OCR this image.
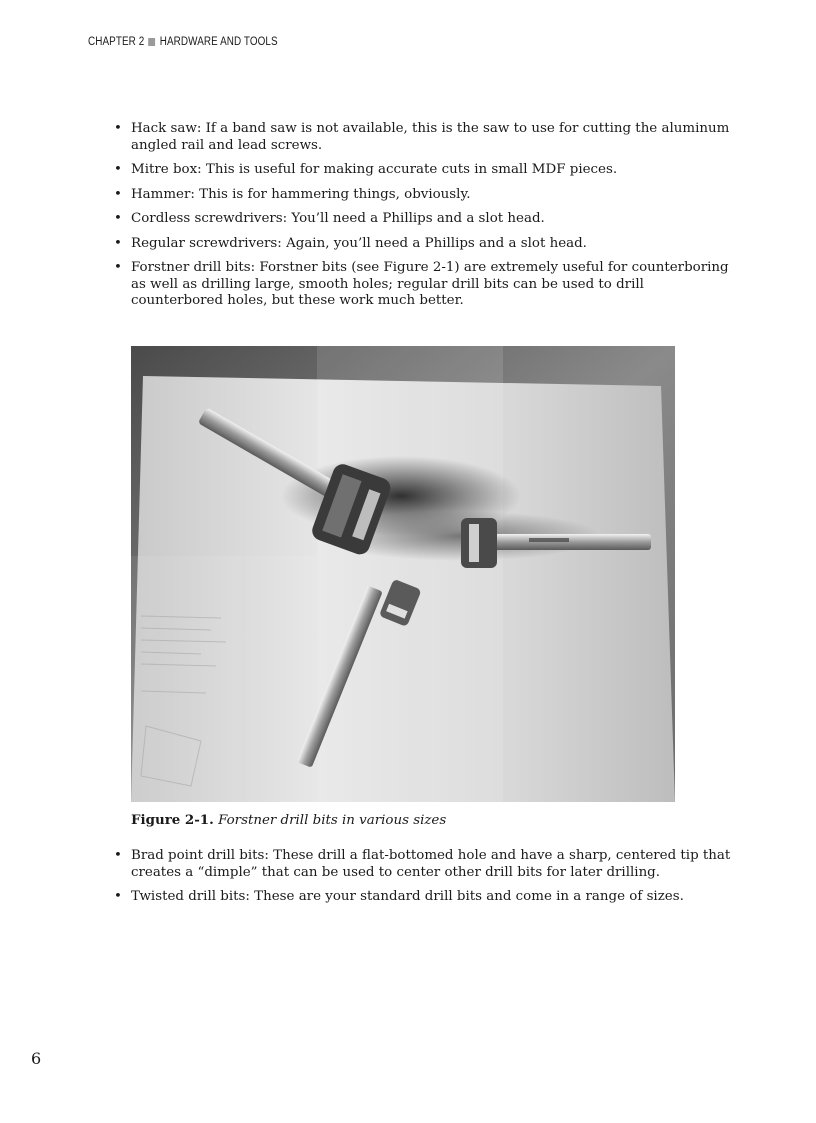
CHAPTER 2 HARDWARE AND TOOLS
• Hack saw: If a band saw is not available, this is the saw to use for cutting the aluminum angled rail and lead screws.
• Mitre box: This is useful for making accurate cuts in small MDF pieces.
• Hammer: This is for hammering things, obviously.
• Cordless screwdrivers: You’ll need a Phillips and a slot head.
• Regular screwdrivers: Again, you’ll need a Phillips and a slot head.
• Forstner drill bits: Forstner bits (see Figure 2-1) are extremely useful for counterboring as well as drilling large, smooth holes; regular drill bits can be used to drill counterbored holes, but these work much better.
Figure 2-1. Forstner drill bits in various sizes
• Brad point drill bits: These drill a flat-bottomed hole and have a sharp, centered tip that creates a “dimple” that can be used to center other drill bits for later drilling.
• Twisted drill bits: These are your standard drill bits and come in a range of sizes.
6
